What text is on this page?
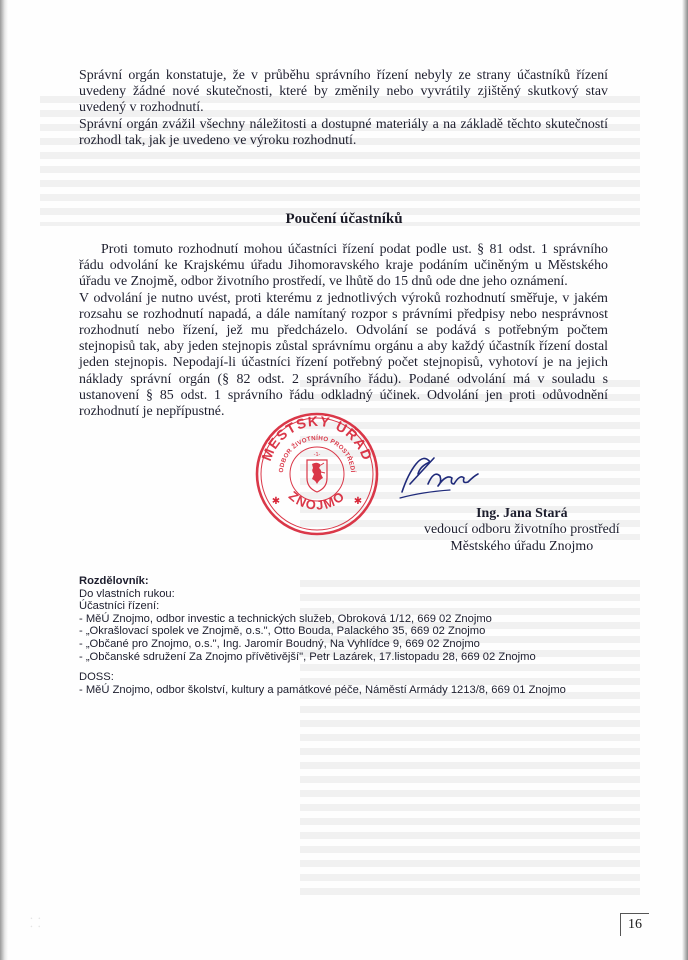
⸬

Správní orgán konstatuje, že v průběhu správního řízení nebyly ze strany účastníků řízení uvedeny žádné nové skutečnosti, které by změnily nebo vyvrátily zjištěný skutkový stav uvedený v rozhodnutí.

Správní orgán zvážil všechny náležitosti a dostupné materiály a na základě těchto skutečností rozhodl tak, jak je uvedeno ve výroku rozhodnutí.

Poučení účastníků

Proti tomuto rozhodnutí mohou účastníci řízení podat podle ust. § 81 odst. 1 správního řádu odvolání ke Krajskému úřadu Jihomoravského kraje podáním učiněným u Městského úřadu ve Znojmě, odbor životního prostředí, ve lhůtě do 15 dnů ode dne jeho oznámení.

V odvolání je nutno uvést, proti kterému z jednotlivých výroků rozhodnutí směřuje, v jakém rozsahu se rozhodnutí napadá, a dále namítaný rozpor s právními předpisy nebo nesprávnost rozhodnutí nebo řízení, jež mu předcházelo. Odvolání se podává s potřebným počtem stejnopisů tak, aby jeden stejnopis zůstal správnímu orgánu a aby každý účastník řízení dostal jeden stejnopis. Nepodají-li účastníci řízení potřebný počet stejnopisů, vyhotoví je na jejich náklady správní orgán (§ 82 odst. 2 správního řádu). Podané odvolání má v souladu s ustanovení § 85 odst. 1 správního řádu odkladný účinek. Odvolání jen proti odůvodnění rozhodnutí je nepřípustné.

MĚSTSKÝ ÚŘAD
ODBOR ŽIVOTNÍHO PROSTŘEDÍ
ZNOJMO
-1-
✱	✱
Ing. Jana Stará
vedoucí odboru životního prostředí
Městského úřadu Znojmo
Rozdělovník:
Do vlastních rukou:
Účastníci řízení:
- MěÚ Znojmo, odbor investic a technických služeb, Obroková 1/12, 669 02 Znojmo
- „Okrašlovací spolek ve Znojmě, o.s.", Otto Bouda, Palackého 35, 669 02 Znojmo
- „Občané pro Znojmo, o.s.", Ing. Jaromír Boudný, Na Vyhlídce 9, 669 02 Znojmo
- „Občanské sdružení Za Znojmo přívětivější", Petr Lazárek, 17.listopadu 28, 669 02 Znojmo
DOSS:
- MěÚ Znojmo, odbor školství, kultury a památkové péče, Náměstí Armády 1213/8, 669 01 Znojmo
16
